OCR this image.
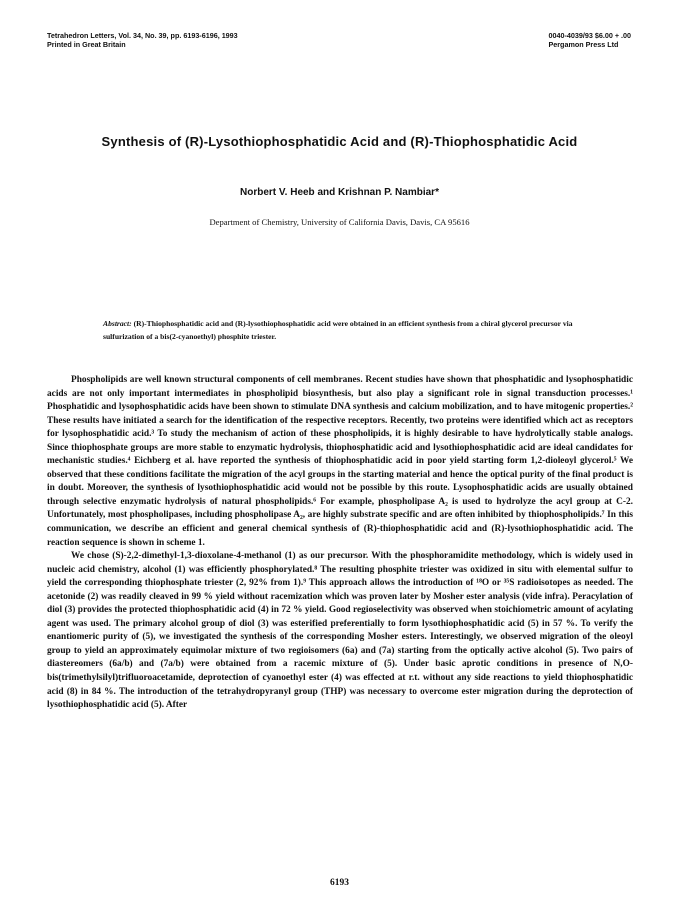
Tetrahedron Letters, Vol. 34, No. 39, pp. 6193-6196, 1993
Printed in Great Britain
0040-4039/93 $6.00 + .00
Pergamon Press Ltd
Synthesis of (R)-Lysothiophosphatidic Acid and (R)-Thiophosphatidic Acid
Norbert V. Heeb and Krishnan P. Nambiar*
Department of Chemistry, University of California Davis, Davis, CA 95616
Abstract: (R)-Thiophosphatidic acid and (R)-lysothiophosphatidic acid were obtained in an efficient synthesis from a chiral glycerol precursor via sulfurization of a bis(2-cyanoethyl) phosphite triester.

Phospholipids are well known structural components of cell membranes. Recent studies have shown that phosphatidic and lysophosphatidic acids are not only important intermediates in phospholipid biosynthesis, but also play a significant role in signal transduction processes.¹ Phosphatidic and lysophosphatidic acids have been shown to stimulate DNA synthesis and calcium mobilization, and to have mitogenic properties.² These results have initiated a search for the identification of the respective receptors. Recently, two proteins were identified which act as receptors for lysophosphatidic acid.³ To study the mechanism of action of these phospholipids, it is highly desirable to have hydrolytically stable analogs. Since thiophosphate groups are more stable to enzymatic hydrolysis, thiophosphatidic acid and lysothiophosphatidic acid are ideal candidates for mechanistic studies.⁴ Eichberg et al. have reported the synthesis of thiophosphatidic acid in poor yield starting form 1,2-dioleoyl glycerol.⁵ We observed that these conditions facilitate the migration of the acyl groups in the starting material and hence the optical purity of the final product is in doubt. Moreover, the synthesis of lysothiophosphatidic acid would not be possible by this route. Lysophosphatidic acids are usually obtained through selective enzymatic hydrolysis of natural phospholipids.⁶ For example, phospholipase A₂ is used to hydrolyze the acyl group at C-2. Unfortunately, most phospholipases, including phospholipase A₂, are highly substrate specific and are often inhibited by thiophospholipids.⁷ In this communication, we describe an efficient and general chemical synthesis of (R)-thiophosphatidic acid and (R)-lysothiophosphatidic acid. The reaction sequence is shown in scheme 1.

We chose (S)-2,2-dimethyl-1,3-dioxolane-4-methanol (1) as our precursor. With the phosphoramidite methodology, which is widely used in nucleic acid chemistry, alcohol (1) was efficiently phosphorylated.⁸ The resulting phosphite triester was oxidized in situ with elemental sulfur to yield the corresponding thiophosphate triester (2, 92% from 1).⁹ This approach allows the introduction of ¹⁸O or ³⁵S radioisotopes as needed. The acetonide (2) was readily cleaved in 99 % yield without racemization which was proven later by Mosher ester analysis (vide infra). Peracylation of diol (3) provides the protected thiophosphatidic acid (4) in 72 % yield. Good regioselectivity was observed when stoichiometric amount of acylating agent was used. The primary alcohol group of diol (3) was esterified preferentially to form lysothiophosphatidic acid (5) in 57 %. To verify the enantiomeric purity of (5), we investigated the synthesis of the corresponding Mosher esters. Interestingly, we observed migration of the oleoyl group to yield an approximately equimolar mixture of two regioisomers (6a) and (7a) starting from the optically active alcohol (5). Two pairs of diastereomers (6a/b) and (7a/b) were obtained from a racemic mixture of (5). Under basic aprotic conditions in presence of N,O-bis(trimethylsilyl)trifluoroacetamide, deprotection of cyanoethyl ester (4) was effected at r.t. without any side reactions to yield thiophosphatidic acid (8) in 84 %. The introduction of the tetrahydropyranyl group (THP) was necessary to overcome ester migration during the deprotection of lysothiophosphatidic acid (5). After

6193
